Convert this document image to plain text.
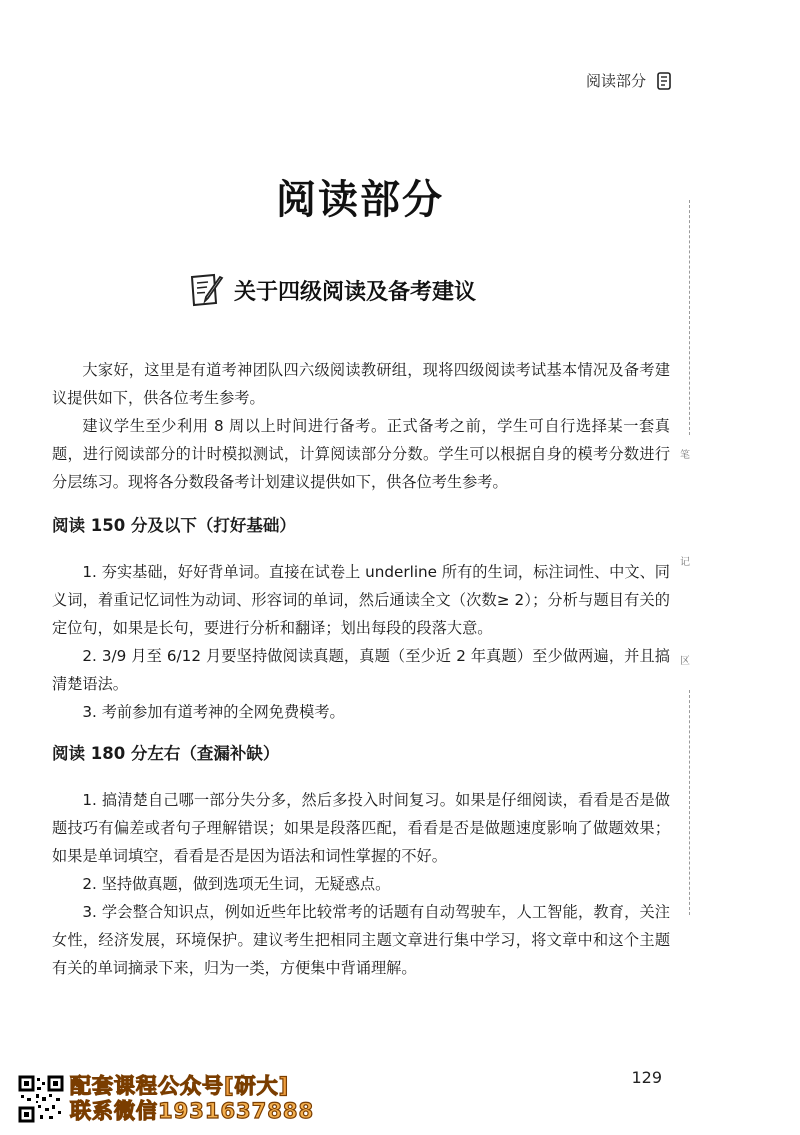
阅读部分
阅读部分
关于四级阅读及备考建议

大家好，这里是有道考神团队四六级阅读教研组，现将四级阅读考试基本情况及备考建议提供如下，供各位考生参考。

建议学生至少利用 8 周以上时间进行备考。正式备考之前，学生可自行选择某一套真题，进行阅读部分的计时模拟测试，计算阅读部分分数。学生可以根据自身的模考分数进行分层练习。现将各分数段备考计划建议提供如下，供各位考生参考。

阅读 150 分及以下（打好基础）

1. 夯实基础，好好背单词。直接在试卷上 underline 所有的生词，标注词性、中文、同义词，着重记忆词性为动词、形容词的单词，然后通读全文（次数≥ 2）；分析与题目有关的定位句，如果是长句，要进行分析和翻译；划出每段的段落大意。

2. 3/9 月至 6/12 月要坚持做阅读真题，真题（至少近 2 年真题）至少做两遍，并且搞清楚语法。

3. 考前参加有道考神的全网免费模考。

阅读 180 分左右（查漏补缺）

1. 搞清楚自己哪一部分失分多，然后多投入时间复习。如果是仔细阅读，看看是否是做题技巧有偏差或者句子理解错误；如果是段落匹配，看看是否是做题速度影响了做题效果；如果是单词填空，看看是否是因为语法和词性掌握的不好。

2. 坚持做真题，做到选项无生词，无疑惑点。

3. 学会整合知识点，例如近些年比较常考的话题有自动驾驶车，人工智能，教育，关注女性，经济发展，环境保护。建议考生把相同主题文章进行集中学习，将文章中和这个主题有关的单词摘录下来，归为一类，方便集中背诵理解。

笔
记
区
129
配套课程公众号[研大]
联系微信1931637888
